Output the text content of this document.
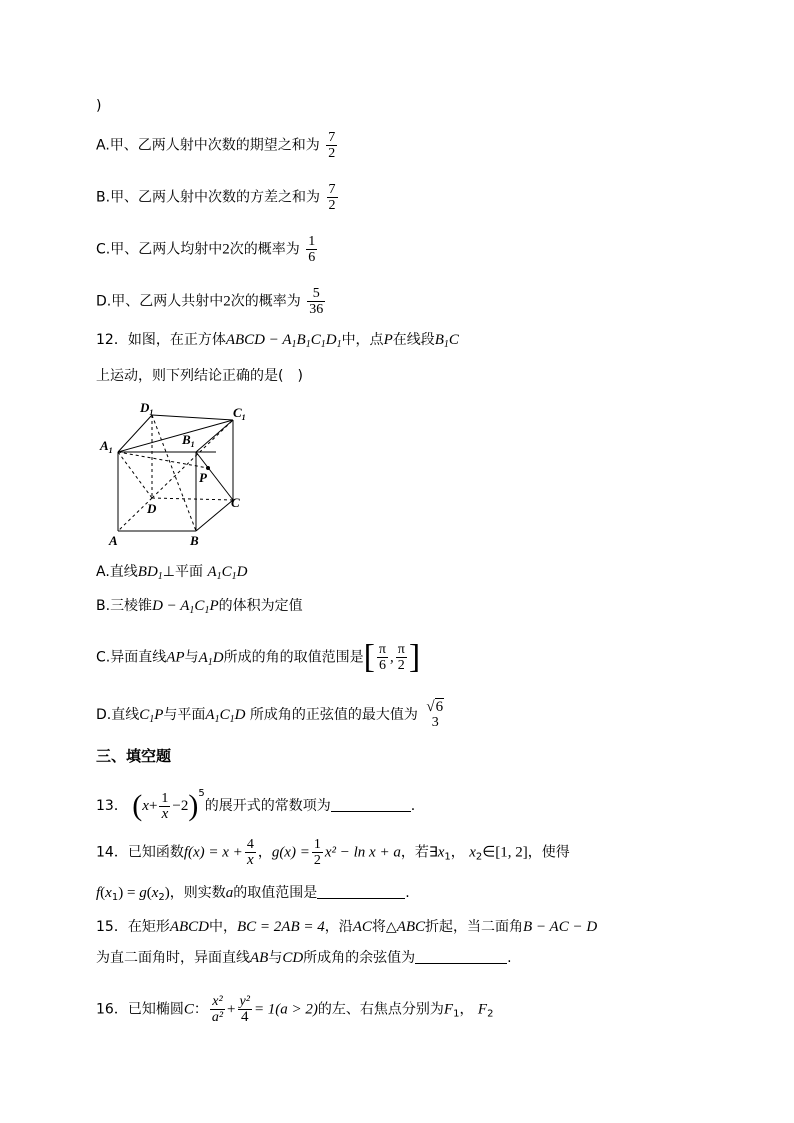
)
A.甲、乙两人射中次数的期望之和为 $\frac{7}{2}$
B.甲、乙两人射中次数的方差之和为 $\frac{7}{2}$
C.甲、乙两人均射中2次的概率为 $\frac{1}{6}$
D.甲、乙两人共射中2次的概率为 $\frac{5}{36}$
12．如图，在正方体ABCD − $A_1B_1C_1D_1$中，点P在线段$B_1C$
上运动，则下列结论正确的是(　)
$D_1$	$C_1$
$A_1$
$B_1$
P
D	C
A	B
A.直线$BD_1\perp$平面 $A_1C_1D$
B.三棱锥$D - A_1C_1P$的体积为定值
C.异面直线AP与$A_1D$所成的角的取值范围是[ $\frac{\pi}{6}$ , $\frac{\pi}{2}$ ]
D.直线$C_1P$与平面$A_1C_1D$ 所成角的正弦值的最大值为 √6
3
三、填空题
13． $(x+ \frac{1}{x} -2)^5$的展开式的常数项为	.
14．已知函数$f(x) = x + \frac{4}{x}$ ，$g(x) = \frac{1}{2} x^2 - \ln x + a$，若$\exists x_1$， $x_2\in[1$, 2]，使得
$f(x_1) = g(x_2)$，则实数a的取值范围是	.
15．在矩形ABCD中，BC = 2AB = 4，沿AC将△ABC折起，当二面角B − AC − D
为直二面角时，异面直线AB与CD所成角的余弦值为	.
16．已知椭圆C： $\frac{\text{x²}}{\text{a²}} + \frac{\text{y²}}{4} = 1(a > 2)$的左、右焦点分别为$F_1$， $F_2$
